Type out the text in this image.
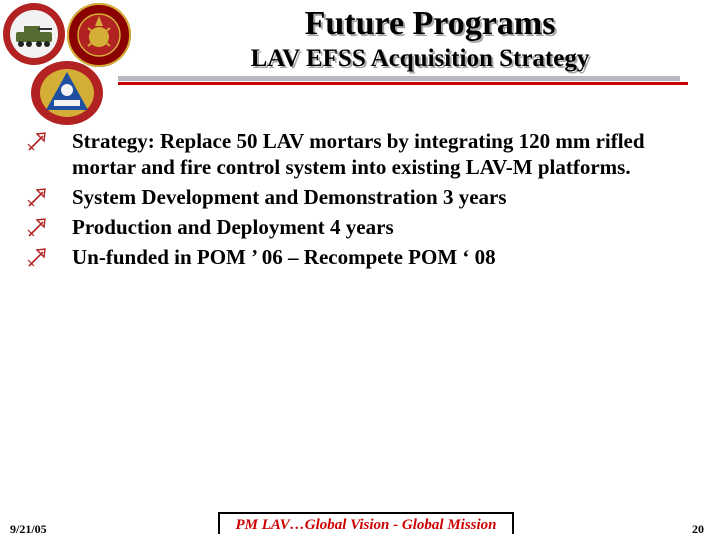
Future Programs
LAV EFSS Acquisition Strategy
Strategy: Replace 50 LAV mortars by integrating 120 mm rifled mortar and fire control system into existing LAV-M platforms.
System Development and Demonstration 3 years
Production and Deployment 4 years
Un-funded in POM ’ 06 – Recompete POM ‘ 08
9/21/05	PM LAV…Global Vision - Global Mission	20
